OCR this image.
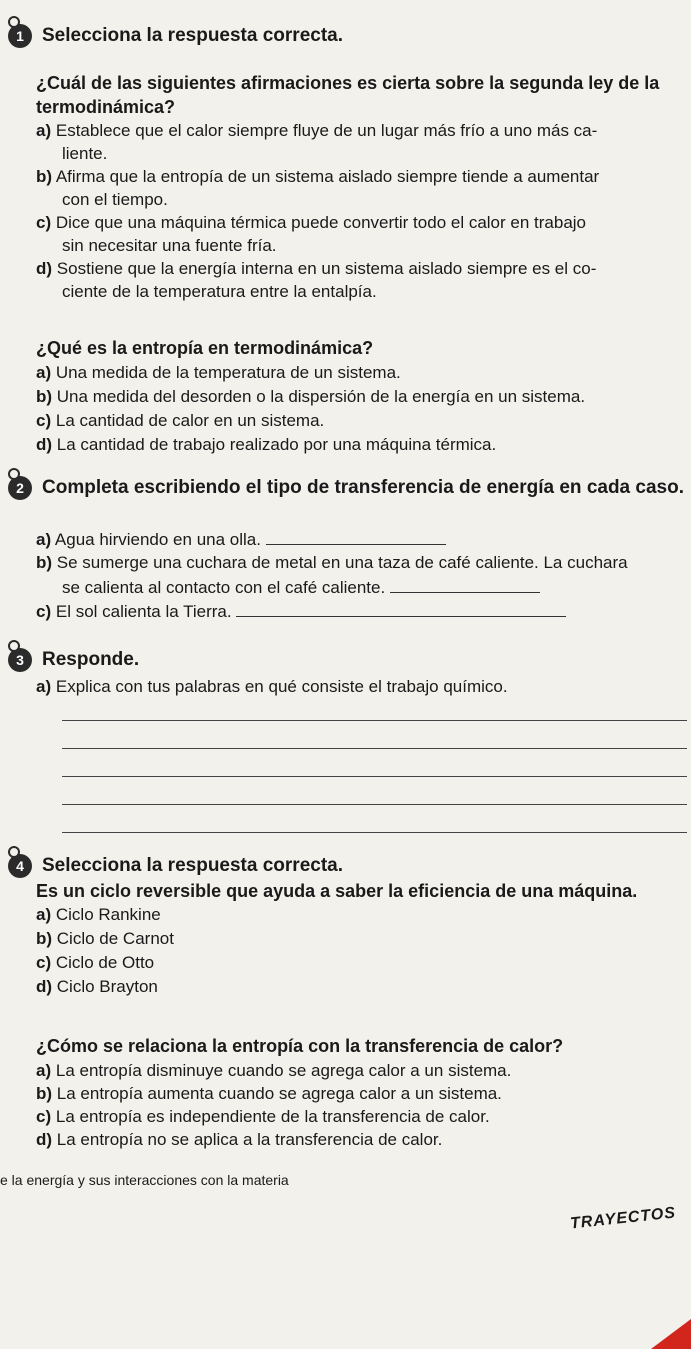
1 Selecciona la respuesta correcta.
¿Cuál de las siguientes afirmaciones es cierta sobre la segunda ley de la
termodinámica?
a) Establece que el calor siempre fluye de un lugar más frío a uno más ca-
liente.
b) Afirma que la entropía de un sistema aislado siempre tiende a aumentar
con el tiempo.
c) Dice que una máquina térmica puede convertir todo el calor en trabajo
sin necesitar una fuente fría.
d) Sostiene que la energía interna en un sistema aislado siempre es el co-
ciente de la temperatura entre la entalpía.
¿Qué es la entropía en termodinámica?
a) Una medida de la temperatura de un sistema.
b) Una medida del desorden o la dispersión de la energía en un sistema.
c) La cantidad de calor en un sistema.
d) La cantidad de trabajo realizado por una máquina térmica.
2 Completa escribiendo el tipo de transferencia de energía en cada caso.
a) Agua hirviendo en una olla.
b) Se sumerge una cuchara de metal en una taza de café caliente. La cuchara
se calienta al contacto con el café caliente.
c) El sol calienta la Tierra.
3 Responde.
a) Explica con tus palabras en qué consiste el trabajo químico.
4 Selecciona la respuesta correcta.
Es un ciclo reversible que ayuda a saber la eficiencia de una máquina.
a) Ciclo Rankine
b) Ciclo de Carnot
c) Ciclo de Otto
d) Ciclo Brayton
¿Cómo se relaciona la entropía con la transferencia de calor?
a) La entropía disminuye cuando se agrega calor a un sistema.
b) La entropía aumenta cuando se agrega calor a un sistema.
c) La entropía es independiente de la transferencia de calor.
d) La entropía no se aplica a la transferencia de calor.
e la energía y sus interacciones con la materia
TRAYECTOS
